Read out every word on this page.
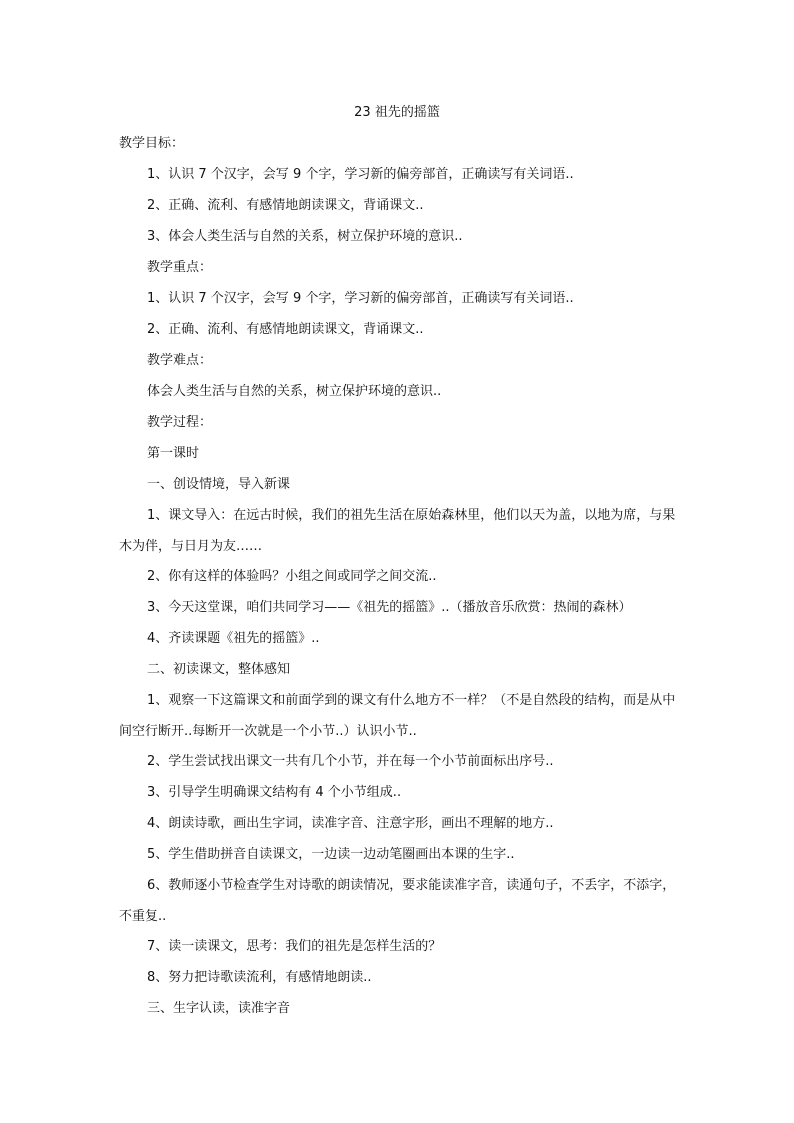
23 祖先的摇篮
教学目标：
1、认识 7 个汉字，会写 9 个字，学习新的偏旁部首，正确读写有关词语..
2、正确、流利、有感情地朗读课文，背诵课文..
3、体会人类生活与自然的关系，树立保护环境的意识..
教学重点：
1、认识 7 个汉字，会写 9 个字，学习新的偏旁部首，正确读写有关词语..
2、正确、流利、有感情地朗读课文，背诵课文..
教学难点：
体会人类生活与自然的关系，树立保护环境的意识..
教学过程：
第一课时
一、创设情境，导入新课
1、课文导入：在远古时候，我们的祖先生活在原始森林里，他们以天为盖，以地为席，与果木为伴，与日月为友……
2、你有这样的体验吗？小组之间或同学之间交流..
3、今天这堂课，咱们共同学习——《祖先的摇篮》..（播放音乐欣赏：热闹的森林）
4、齐读课题《祖先的摇篮》..
二、初读课文，整体感知
1、观察一下这篇课文和前面学到的课文有什么地方不一样？（不是自然段的结构，而是从中间空行断开..每断开一次就是一个小节..）认识小节..
2、学生尝试找出课文一共有几个小节，并在每一个小节前面标出序号..
3、引导学生明确课文结构有 4 个小节组成..
4、朗读诗歌，画出生字词，读准字音、注意字形，画出不理解的地方..
5、学生借助拼音自读课文，一边读一边动笔圈画出本课的生字..
6、教师逐小节检查学生对诗歌的朗读情况，要求能读准字音，读通句子，不丢字，不添字，不重复..
7、读一读课文，思考：我们的祖先是怎样生活的？
8、努力把诗歌读流利，有感情地朗读..
三、生字认读，读准字音
